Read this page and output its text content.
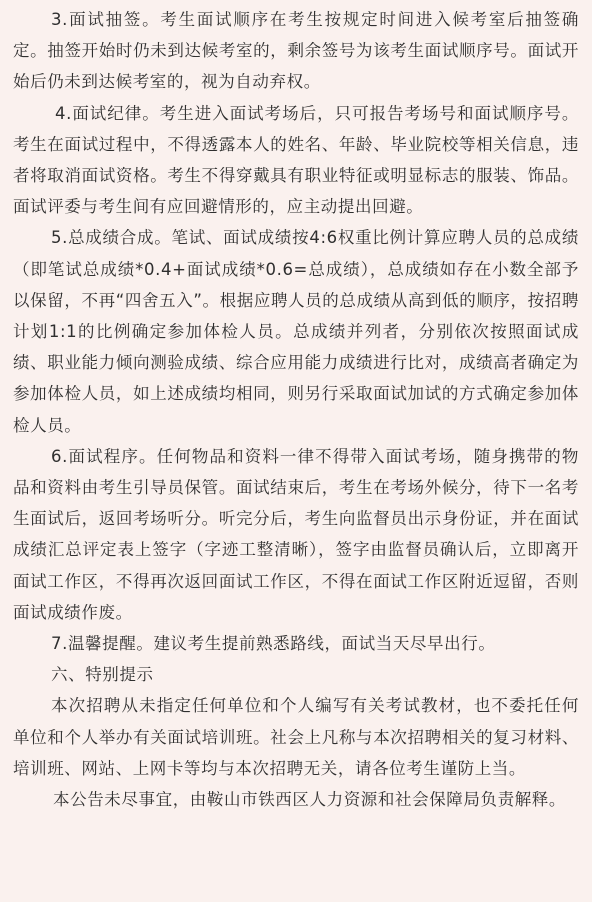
3.面试抽签。考生面试顺序在考生按规定时间进入候考室后抽签确定。抽签开始时仍未到达候考室的，剩余签号为该考生面试顺序号。面试开始后仍未到达候考室的，视为自动弃权。

4.面试纪律。考生进入面试考场后，只可报告考场号和面试顺序号。考生在面试过程中，不得透露本人的姓名、年龄、毕业院校等相关信息，违者将取消面试资格。考生不得穿戴具有职业特征或明显标志的服装、饰品。面试评委与考生间有应回避情形的，应主动提出回避。

5.总成绩合成。笔试、面试成绩按4:6权重比例计算应聘人员的总成绩（即笔试总成绩*0.4+面试成绩*0.6=总成绩），总成绩如存在小数全部予以保留，不再“四舍五入”。根据应聘人员的总成绩从高到低的顺序，按招聘计划1:1的比例确定参加体检人员。总成绩并列者，分别依次按照面试成绩、职业能力倾向测验成绩、综合应用能力成绩进行比对，成绩高者确定为参加体检人员，如上述成绩均相同，则另行采取面试加试的方式确定参加体检人员。

6.面试程序。任何物品和资料一律不得带入面试考场，随身携带的物品和资料由考生引导员保管。面试结束后，考生在考场外候分，待下一名考生面试后，返回考场听分。听完分后，考生向监督员出示身份证，并在面试成绩汇总评定表上签字（字迹工整清晰），签字由监督员确认后，立即离开面试工作区，不得再次返回面试工作区，不得在面试工作区附近逗留，否则面试成绩作废。

7.温馨提醒。建议考生提前熟悉路线，面试当天尽早出行。

六、特别提示

本次招聘从未指定任何单位和个人编写有关考试教材，也不委托任何单位和个人举办有关面试培训班。社会上凡称与本次招聘相关的复习材料、培训班、网站、上网卡等均与本次招聘无关，请各位考生谨防上当。

本公告未尽事宜，由鞍山市铁西区人力资源和社会保障局负责解释。
